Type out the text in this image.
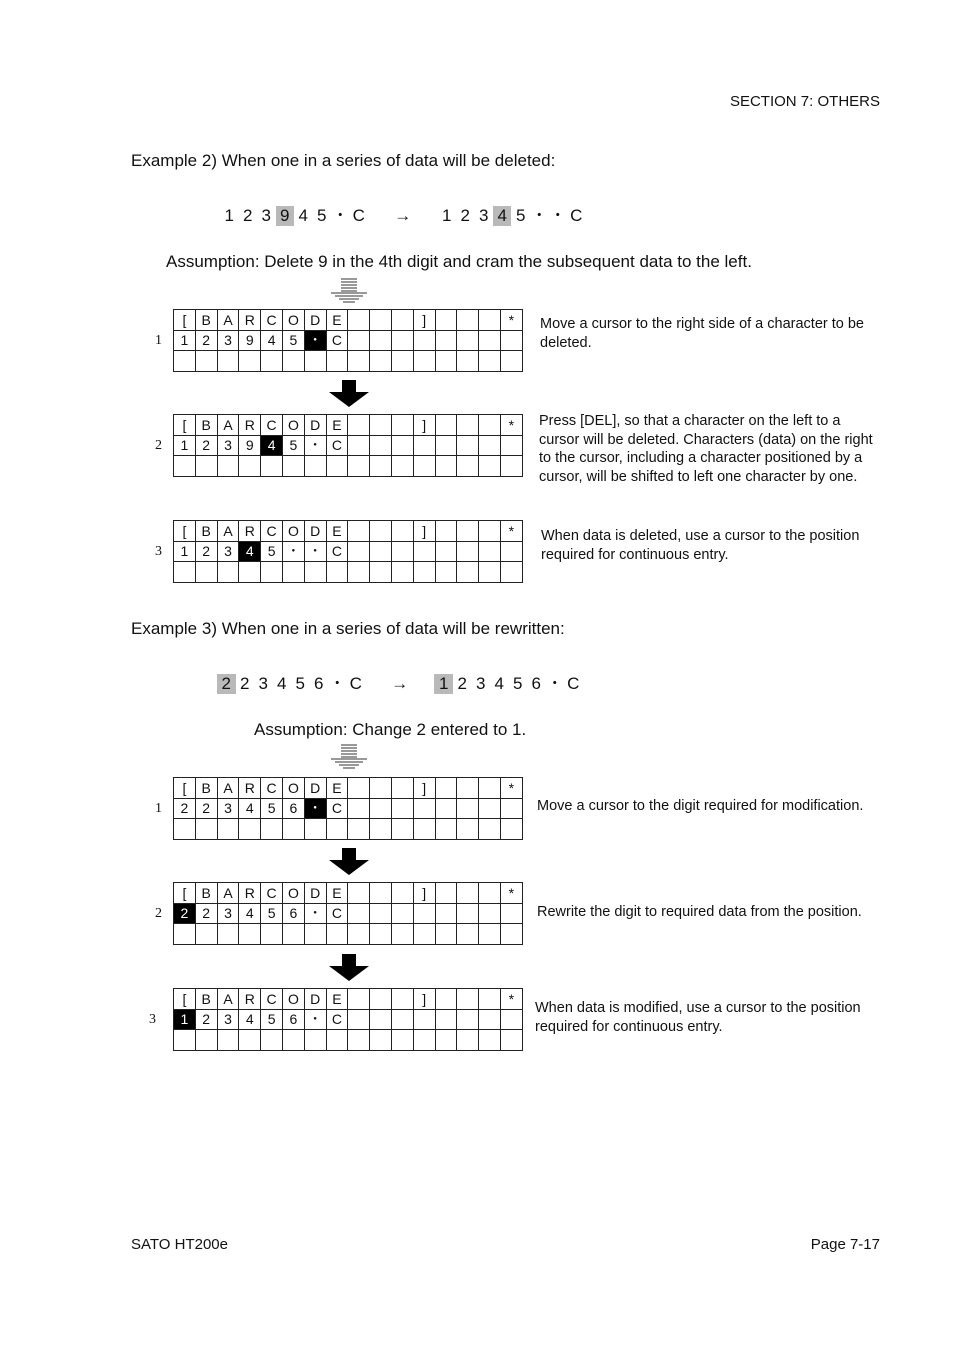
SECTION 7: OTHERS
Example 2) When one in a series of data will be deleted:
1 2 3 9 4 5 ・ C → 1 2 3 4 5 ・・ C
Assumption: Delete 9 in the 4th digit and cram the subsequent data to the left.
1
[	B	A	R	C	O	D	E				]				*
1	2	3	9	4	5	・	C								

Move a cursor to the right side of a character to be deleted.
2
[	B	A	R	C	O	D	E				]				*
1	2	3	9	4	5	・	C								

Press [DEL], so that a character on the left to a cursor will be deleted. Characters (data) on the right to the cursor, including a character positioned by a cursor, will be shifted to left one character by one.
3
[	B	A	R	C	O	D	E				]				*
1	2	3	4	5	・	・	C								

When data is deleted, use a cursor to the position required for continuous entry.
Example 3) When one in a series of data will be rewritten:
2 2 3 4 5 6 ・ C → 1 2 3 4 5 6 ・ C
Assumption: Change 2 entered to 1.
1
[	B	A	R	C	O	D	E				]				*
2	2	3	4	5	6	・	C								
																Move a cursor to the digit required for modification.
2
[	B	A	R	C	O	D	E				]				*
2	2	3	4	5	6	・	C								
																Rewrite the digit to required data from the position.
3
[	B	A	R	C	O	D	E				]				*
1	2	3	4	5	6	・	C								

When data is modified, use a cursor to the position required for continuous entry.
SATO HT200e	Page 7-17
